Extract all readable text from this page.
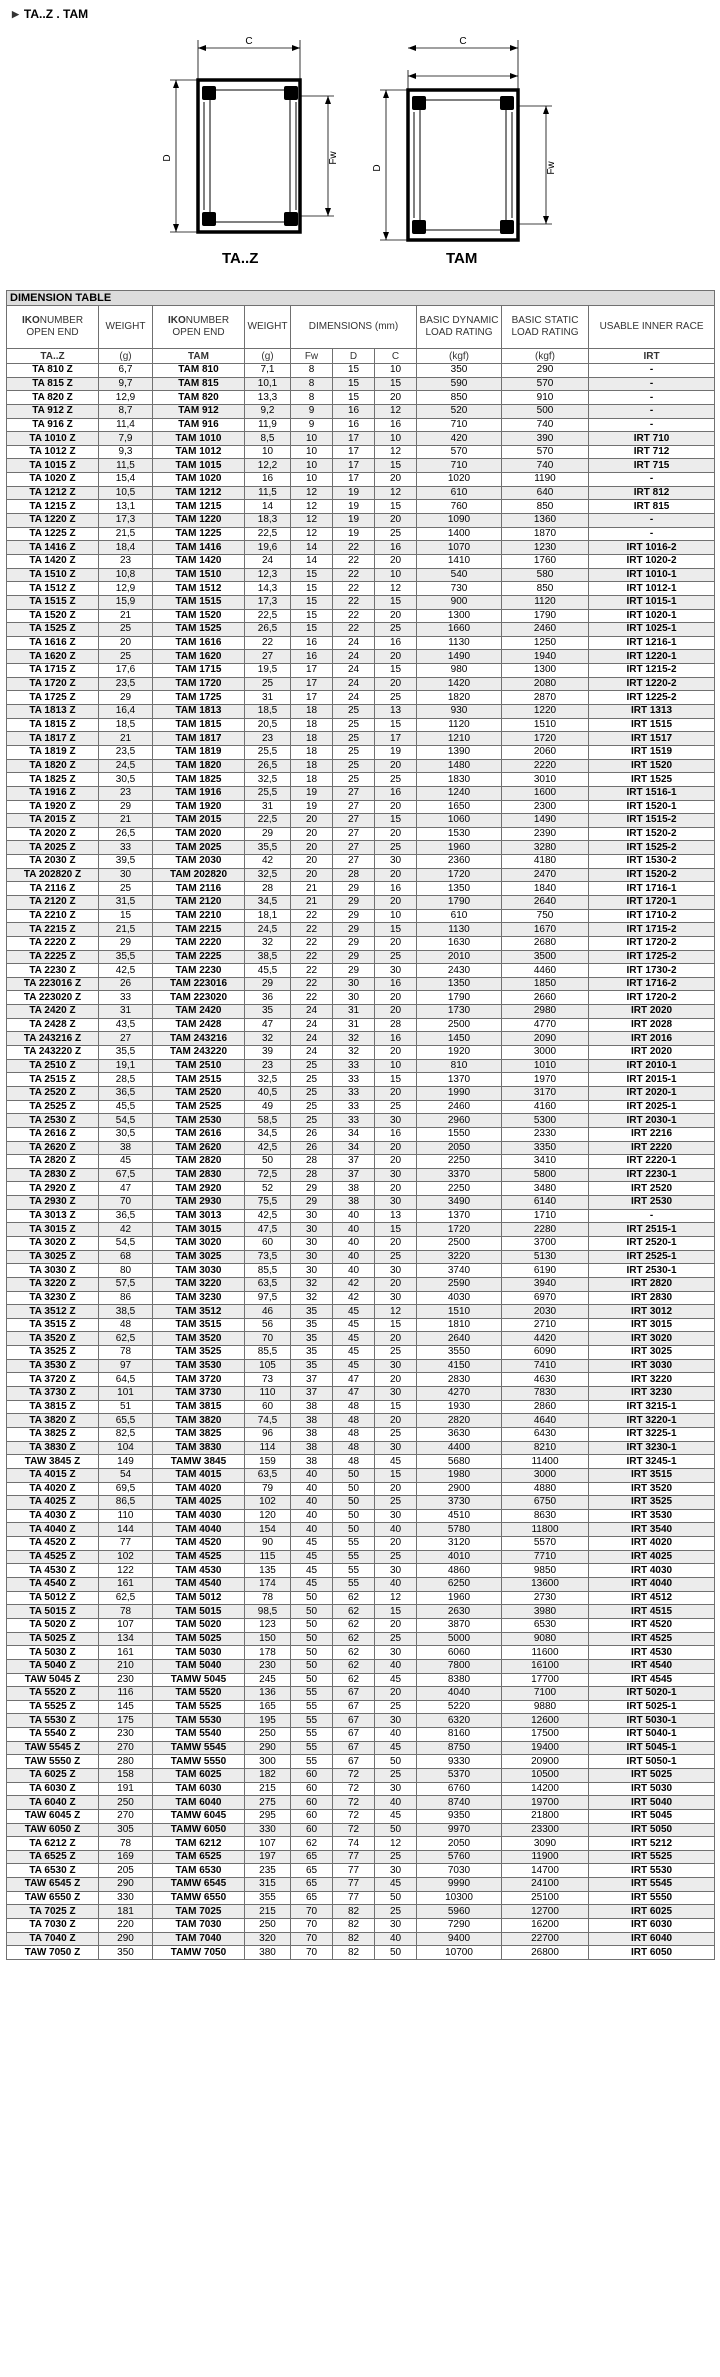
▶ TA..Z . TAM
C
D	Fw
C
D	Fw
TA..Z	TAM
DIMENSION TABLE									
IKONUMBER OPEN END	WEIGHT	IKONUMBER OPEN END	WEIGHT	DIMENSIONS (mm)			BASIC DYNAMIC LOAD RATING	BASIC STATIC LOAD RATING	USABLE INNER RACE
TA..Z	(g)	TAM	(g)	Fw	D	C	(kgf)	(kgf)	IRT
TA 810 Z	6,7	TAM 810	7,1	8	15	10	350	290	-
TA 815 Z	9,7	TAM 815	10,1	8	15	15	590	570	-
TA 820 Z	12,9	TAM 820	13,3	8	15	20	850	910	-
TA 912 Z	8,7	TAM 912	9,2	9	16	12	520	500	-
TA 916 Z	11,4	TAM 916	11,9	9	16	16	710	740	-
TA 1010 Z	7,9	TAM 1010	8,5	10	17	10	420	390	IRT 710
TA 1012 Z	9,3	TAM 1012	10	10	17	12	570	570	IRT 712
TA 1015 Z	11,5	TAM 1015	12,2	10	17	15	710	740	IRT 715
TA 1020 Z	15,4	TAM 1020	16	10	17	20	1020	1190	-
TA 1212 Z	10,5	TAM 1212	11,5	12	19	12	610	640	IRT 812
TA 1215 Z	13,1	TAM 1215	14	12	19	15	760	850	IRT 815
TA 1220 Z	17,3	TAM 1220	18,3	12	19	20	1090	1360	-
TA 1225 Z	21,5	TAM 1225	22,5	12	19	25	1400	1870	-
TA 1416 Z	18,4	TAM 1416	19,6	14	22	16	1070	1230	IRT 1016-2
TA 1420 Z	23	TAM 1420	24	14	22	20	1410	1760	IRT 1020-2
TA 1510 Z	10,8	TAM 1510	12,3	15	22	10	540	580	IRT 1010-1
TA 1512 Z	12,9	TAM 1512	14,3	15	22	12	730	850	IRT 1012-1
TA 1515 Z	15,9	TAM 1515	17,3	15	22	15	900	1120	IRT 1015-1
TA 1520 Z	21	TAM 1520	22,5	15	22	20	1300	1790	IRT 1020-1
TA 1525 Z	25	TAM 1525	26,5	15	22	25	1660	2460	IRT 1025-1
TA 1616 Z	20	TAM 1616	22	16	24	16	1130	1250	IRT 1216-1
TA 1620 Z	25	TAM 1620	27	16	24	20	1490	1940	IRT 1220-1
TA 1715 Z	17,6	TAM 1715	19,5	17	24	15	980	1300	IRT 1215-2
TA 1720 Z	23,5	TAM 1720	25	17	24	20	1420	2080	IRT 1220-2
TA 1725 Z	29	TAM 1725	31	17	24	25	1820	2870	IRT 1225-2
TA 1813 Z	16,4	TAM 1813	18,5	18	25	13	930	1220	IRT 1313
TA 1815 Z	18,5	TAM 1815	20,5	18	25	15	1120	1510	IRT 1515
TA 1817 Z	21	TAM 1817	23	18	25	17	1210	1720	IRT 1517
TA 1819 Z	23,5	TAM 1819	25,5	18	25	19	1390	2060	IRT 1519
TA 1820 Z	24,5	TAM 1820	26,5	18	25	20	1480	2220	IRT 1520
TA 1825 Z	30,5	TAM 1825	32,5	18	25	25	1830	3010	IRT 1525
TA 1916 Z	23	TAM 1916	25,5	19	27	16	1240	1600	IRT 1516-1
TA 1920 Z	29	TAM 1920	31	19	27	20	1650	2300	IRT 1520-1
TA 2015 Z	21	TAM 2015	22,5	20	27	15	1060	1490	IRT 1515-2
TA 2020 Z	26,5	TAM 2020	29	20	27	20	1530	2390	IRT 1520-2
TA 2025 Z	33	TAM 2025	35,5	20	27	25	1960	3280	IRT 1525-2
TA 2030 Z	39,5	TAM 2030	42	20	27	30	2360	4180	IRT 1530-2
TA 202820 Z	30	TAM 202820	32,5	20	28	20	1720	2470	IRT 1520-2
TA 2116 Z	25	TAM 2116	28	21	29	16	1350	1840	IRT 1716-1
TA 2120 Z	31,5	TAM 2120	34,5	21	29	20	1790	2640	IRT 1720-1
TA 2210 Z	15	TAM 2210	18,1	22	29	10	610	750	IRT 1710-2
TA 2215 Z	21,5	TAM 2215	24,5	22	29	15	1130	1670	IRT 1715-2
TA 2220 Z	29	TAM 2220	32	22	29	20	1630	2680	IRT 1720-2
TA 2225 Z	35,5	TAM 2225	38,5	22	29	25	2010	3500	IRT 1725-2
TA 2230 Z	42,5	TAM 2230	45,5	22	29	30	2430	4460	IRT 1730-2
TA 223016 Z	26	TAM 223016	29	22	30	16	1350	1850	IRT 1716-2
TA 223020 Z	33	TAM 223020	36	22	30	20	1790	2660	IRT 1720-2
TA 2420 Z	31	TAM 2420	35	24	31	20	1730	2980	IRT 2020
TA 2428 Z	43,5	TAM 2428	47	24	31	28	2500	4770	IRT 2028
TA 243216 Z	27	TAM 243216	32	24	32	16	1450	2090	IRT 2016
TA 243220 Z	35,5	TAM 243220	39	24	32	20	1920	3000	IRT 2020
TA 2510 Z	19,1	TAM 2510	23	25	33	10	810	1010	IRT 2010-1
TA 2515 Z	28,5	TAM 2515	32,5	25	33	15	1370	1970	IRT 2015-1
TA 2520 Z	36,5	TAM 2520	40,5	25	33	20	1990	3170	IRT 2020-1
TA 2525 Z	45,5	TAM 2525	49	25	33	25	2460	4160	IRT 2025-1
TA 2530 Z	54,5	TAM 2530	58,5	25	33	30	2960	5300	IRT 2030-1
TA 2616 Z	30,5	TAM 2616	34,5	26	34	16	1550	2330	IRT 2216
TA 2620 Z	38	TAM 2620	42,5	26	34	20	2050	3350	IRT 2220
TA 2820 Z	45	TAM 2820	50	28	37	20	2250	3410	IRT 2220-1
TA 2830 Z	67,5	TAM 2830	72,5	28	37	30	3370	5800	IRT 2230-1
TA 2920 Z	47	TAM 2920	52	29	38	20	2250	3480	IRT 2520
TA 2930 Z	70	TAM 2930	75,5	29	38	30	3490	6140	IRT 2530
TA 3013 Z	36,5	TAM 3013	42,5	30	40	13	1370	1710	-
TA 3015 Z	42	TAM 3015	47,5	30	40	15	1720	2280	IRT 2515-1
TA 3020 Z	54,5	TAM 3020	60	30	40	20	2500	3700	IRT 2520-1
TA 3025 Z	68	TAM 3025	73,5	30	40	25	3220	5130	IRT 2525-1
TA 3030 Z	80	TAM 3030	85,5	30	40	30	3740	6190	IRT 2530-1
TA 3220 Z	57,5	TAM 3220	63,5	32	42	20	2590	3940	IRT 2820
TA 3230 Z	86	TAM 3230	97,5	32	42	30	4030	6970	IRT 2830
TA 3512 Z	38,5	TAM 3512	46	35	45	12	1510	2030	IRT 3012
TA 3515 Z	48	TAM 3515	56	35	45	15	1810	2710	IRT 3015
TA 3520 Z	62,5	TAM 3520	70	35	45	20	2640	4420	IRT 3020
TA 3525 Z	78	TAM 3525	85,5	35	45	25	3550	6090	IRT 3025
TA 3530 Z	97	TAM 3530	105	35	45	30	4150	7410	IRT 3030
TA 3720 Z	64,5	TAM 3720	73	37	47	20	2830	4630	IRT 3220
TA 3730 Z	101	TAM 3730	110	37	47	30	4270	7830	IRT 3230
TA 3815 Z	51	TAM 3815	60	38	48	15	1930	2860	IRT 3215-1
TA 3820 Z	65,5	TAM 3820	74,5	38	48	20	2820	4640	IRT 3220-1
TA 3825 Z	82,5	TAM 3825	96	38	48	25	3630	6430	IRT 3225-1
TA 3830 Z	104	TAM 3830	114	38	48	30	4400	8210	IRT 3230-1
TAW 3845 Z	149	TAMW 3845	159	38	48	45	5680	11400	IRT 3245-1
TA 4015 Z	54	TAM 4015	63,5	40	50	15	1980	3000	IRT 3515
TA 4020 Z	69,5	TAM 4020	79	40	50	20	2900	4880	IRT 3520
TA 4025 Z	86,5	TAM 4025	102	40	50	25	3730	6750	IRT 3525
TA 4030 Z	110	TAM 4030	120	40	50	30	4510	8630	IRT 3530
TA 4040 Z	144	TAM 4040	154	40	50	40	5780	11800	IRT 3540
TA 4520 Z	77	TAM 4520	90	45	55	20	3120	5570	IRT 4020
TA 4525 Z	102	TAM 4525	115	45	55	25	4010	7710	IRT 4025
TA 4530 Z	122	TAM 4530	135	45	55	30	4860	9850	IRT 4030
TA 4540 Z	161	TAM 4540	174	45	55	40	6250	13600	IRT 4040
TA 5012 Z	62,5	TAM 5012	78	50	62	12	1960	2730	IRT 4512
TA 5015 Z	78	TAM 5015	98,5	50	62	15	2630	3980	IRT 4515
TA 5020 Z	107	TAM 5020	123	50	62	20	3870	6530	IRT 4520
TA 5025 Z	134	TAM 5025	150	50	62	25	5000	9080	IRT 4525
TA 5030 Z	161	TAM 5030	178	50	62	30	6060	11600	IRT 4530
TA 5040 Z	210	TAM 5040	230	50	62	40	7800	16100	IRT 4540
TAW 5045 Z	230	TAMW 5045	245	50	62	45	8380	17700	IRT 4545
TA 5520 Z	116	TAM 5520	136	55	67	20	4040	7100	IRT 5020-1
TA 5525 Z	145	TAM 5525	165	55	67	25	5220	9880	IRT 5025-1
TA 5530 Z	175	TAM 5530	195	55	67	30	6320	12600	IRT 5030-1
TA 5540 Z	230	TAM 5540	250	55	67	40	8160	17500	IRT 5040-1
TAW 5545 Z	270	TAMW 5545	290	55	67	45	8750	19400	IRT 5045-1
TAW 5550 Z	280	TAMW 5550	300	55	67	50	9330	20900	IRT 5050-1
TA 6025 Z	158	TAM 6025	182	60	72	25	5370	10500	IRT 5025
TA 6030 Z	191	TAM 6030	215	60	72	30	6760	14200	IRT 5030
TA 6040 Z	250	TAM 6040	275	60	72	40	8740	19700	IRT 5040
TAW 6045 Z	270	TAMW 6045	295	60	72	45	9350	21800	IRT 5045
TAW 6050 Z	305	TAMW 6050	330	60	72	50	9970	23300	IRT 5050
TA 6212 Z	78	TAM 6212	107	62	74	12	2050	3090	IRT 5212
TA 6525 Z	169	TAM 6525	197	65	77	25	5760	11900	IRT 5525
TA 6530 Z	205	TAM 6530	235	65	77	30	7030	14700	IRT 5530
TAW 6545 Z	290	TAMW 6545	315	65	77	45	9990	24100	IRT 5545
TAW 6550 Z	330	TAMW 6550	355	65	77	50	10300	25100	IRT 5550
TA 7025 Z	181	TAM 7025	215	70	82	25	5960	12700	IRT 6025
TA 7030 Z	220	TAM 7030	250	70	82	30	7290	16200	IRT 6030
TA 7040 Z	290	TAM 7040	320	70	82	40	9400	22700	IRT 6040
TAW 7050 Z	350	TAMW 7050	380	70	82	50	10700	26800	IRT 6050
